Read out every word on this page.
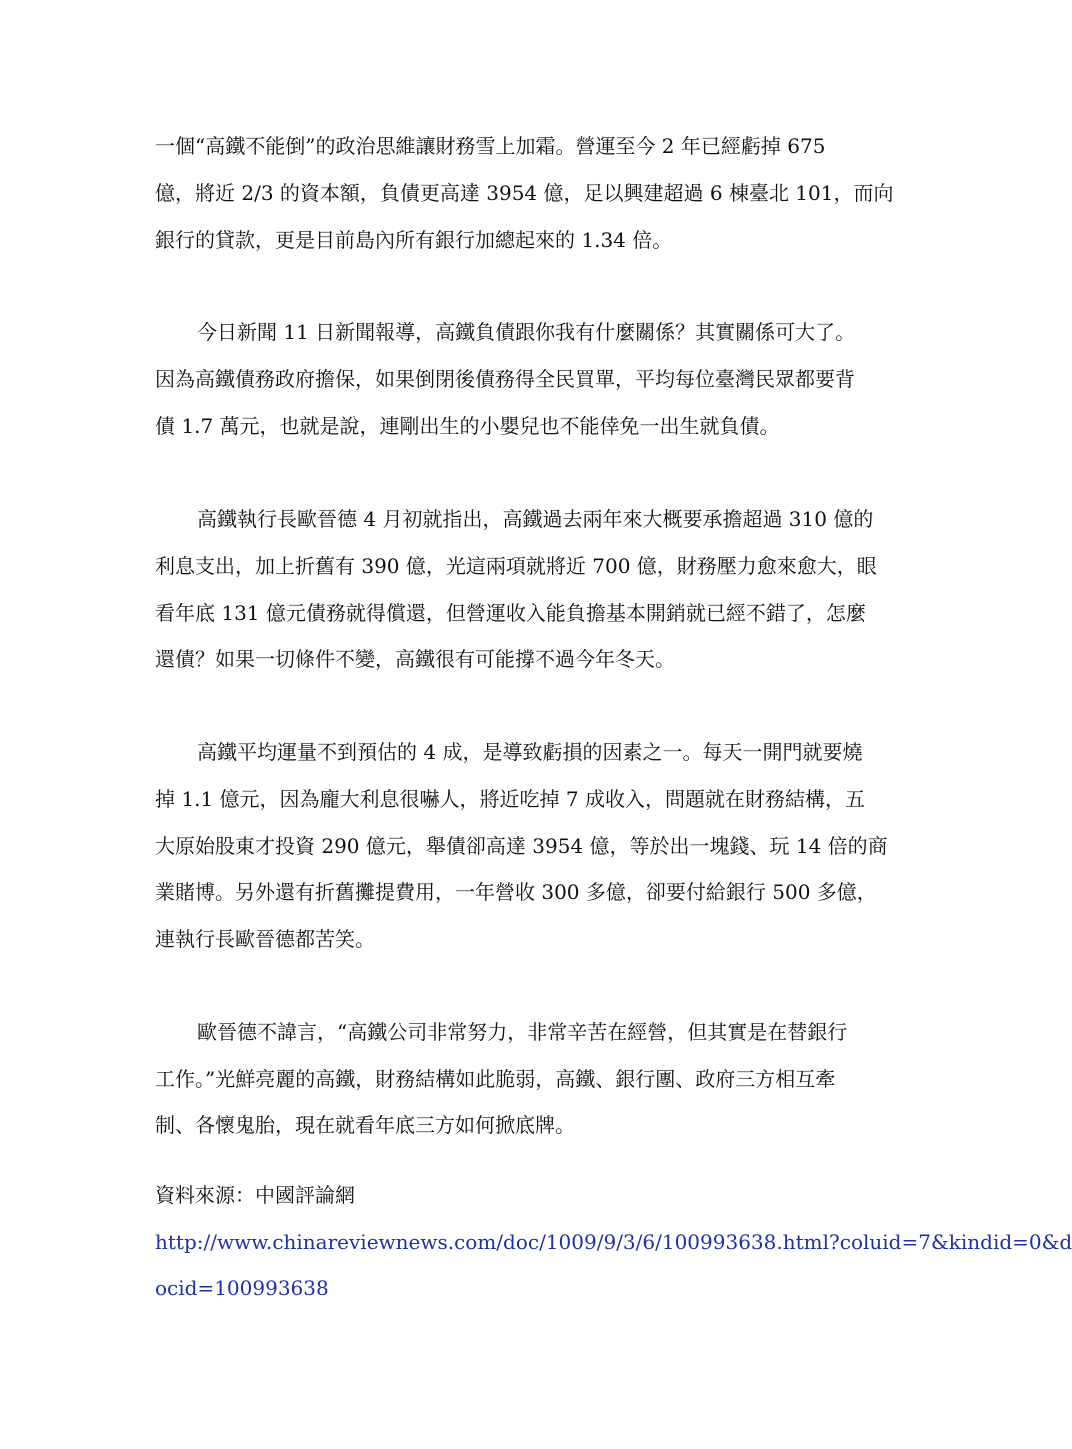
一個“高鐵不能倒”的政治思維讓財務雪上加霜。營運至今 2 年已經虧掉 675
億，將近 2/3 的資本額，負債更高達 3954 億，足以興建超過 6 棟臺北 101，而向
銀行的貸款，更是目前島內所有銀行加總起來的 1.34 倍。
今日新聞 11 日新聞報導，高鐵負債跟你我有什麼關係？其實關係可大了。
因為高鐵債務政府擔保，如果倒閉後債務得全民買單，平均每位臺灣民眾都要背
債 1.7 萬元，也就是說，連剛出生的小嬰兒也不能倖免一出生就負債。
高鐵執行長歐晉德 4 月初就指出，高鐵過去兩年來大概要承擔超過 310 億的
利息支出，加上折舊有 390 億，光這兩項就將近 700 億，財務壓力愈來愈大，眼
看年底 131 億元債務就得償還，但營運收入能負擔基本開銷就已經不錯了，怎麼
還債？如果一切條件不變，高鐵很有可能撐不過今年冬天。
高鐵平均運量不到預估的 4 成，是導致虧損的因素之一。每天一開門就要燒
掉 1.1 億元，因為龐大利息很嚇人，將近吃掉 7 成收入，問題就在財務結構，五
大原始股東才投資 290 億元，舉債卻高達 3954 億，等於出一塊錢、玩 14 倍的商
業賭博。另外還有折舊攤提費用，一年營收 300 多億，卻要付給銀行 500 多億，
連執行長歐晉德都苦笑。
歐晉德不諱言，“高鐵公司非常努力，非常辛苦在經營，但其實是在替銀行
工作。”光鮮亮麗的高鐵，財務結構如此脆弱，高鐵、銀行團、政府三方相互牽
制、各懷鬼胎，現在就看年底三方如何掀底牌。
資料來源：中國評論網
http://www.chinareviewnews.com/doc/1009/9/3/6/100993638.html?coluid=7&kindid=0&d
ocid=100993638
